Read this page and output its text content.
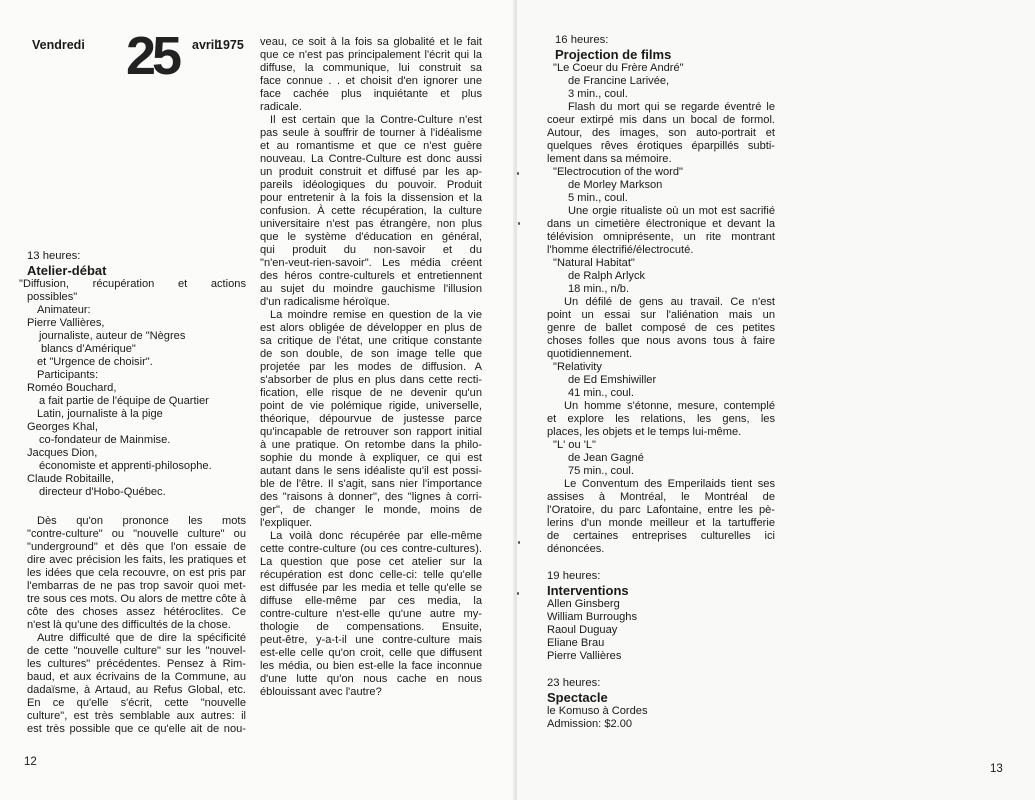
Vendredi 25 avril
1975
13 heures:
Atelier-débat
"Diffusion, récupération et actions
possibles"
Animateur:
Pierre Vallières,
journaliste, auteur de "Nègres
blancs d'Amérique"
et "Urgence de choisir".
Participants:
Roméo Bouchard,
a fait partie de l'équipe de Quartier
Latin, journaliste à la pige
Georges Khal,
co-fondateur de Mainmise.
Jacques Dion,
économiste et apprenti-philosophe.
Claude Robitaille,
directeur d'Hobo-Québec.
Dès qu'on prononce les mots
"contre-culture" ou "nouvelle culture" ou
"underground" et dès que l'on essaie de
dire avec précision les faits, les pratiques et
les idées que cela recouvre, on est pris par
l'embarras de ne pas trop savoir quoi met-
tre sous ces mots. Ou alors de mettre côte à
côte des choses assez hétéroclites. Ce
n'est là qu'une des difficultés de la chose.
Autre difficulté que de dire la spécificité
de cette "nouvelle culture" sur les "nouvel-
les cultures" précédentes. Pensez à Rim-
baud, et aux écrivains de la Commune, au
dadaïsme, à Artaud, au Refus Global, etc.
En ce qu'elle s'écrit, cette "nouvelle
culture", est très semblable aux autres: il
est très possible que ce qu'elle ait de nou-
veau, ce soit à la fois sa globalité et le fait
que ce n'est pas principalement l'écrit qui la
diffuse, la communique, lui construit sa
face connue . . et choisit d'en ignorer une
face cachée plus inquiétante et plus
radicale.
Il est certain que la Contre-Culture n'est
pas seule à souffrir de tourner à l'idéalisme
et au romantisme et que ce n'est guère
nouveau. La Contre-Culture est donc aussi
un produit construit et diffusé par les ap-
pareils idéologiques du pouvoir. Produit
pour entretenir à la fois la dissension et la
confusion. À cette récupération, la culture
universitaire n'est pas étrangère, non plus
que le système d'éducation en général,
qui produit du non-savoir et du
"n'en-veut-rien-savoir". Les média créent
des héros contre-culturels et entretiennent
au sujet du moindre gauchisme l'illusion
d'un radicalisme héroïque.
La moindre remise en question de la vie
est alors obligée de développer en plus de
sa critique de l'état, une critique constante
de son double, de son image telle que
projetée par les modes de diffusion. A
s'absorber de plus en plus dans cette recti-
fication, elle risque de ne devenir qu'un
point de vie polémique rigide, universelle,
théorique, dépourvue de justesse parce
qu'incapable de retrouver son rapport initial
à une pratique. On retombe dans la philo-
sophie du monde à expliquer, ce qui est
autant dans le sens idéaliste qu'il est possi-
ble de l'être. Il s'agit, sans nier l'importance
des "raisons à donner", des "lignes à corri-
ger", de changer le monde, moins de
l'expliquer.
La voilà donc récupérée par elle-même
cette contre-culture (ou ces contre-cultures).
La question que pose cet atelier sur la
récupération est donc celle-ci: telle qu'elle
est diffusée par les media et telle qu'elle se
diffuse elle-même par ces media, la
contre-culture n'est-elle qu'une autre my-
thologie de compensations. Ensuite,
peut-être, y-a-t-il une contre-culture mais
est-elle celle qu'on croit, celle que diffusent
les média, ou bien est-elle la face inconnue
d'une lutte qu'on nous cache en nous
éblouissant avec l'autre?
12
13
16 heures:
Projection de films
"Le Coeur du Frère André"
de Francine Larivée,
3 min., coul.
Flash du mort qui se regarde éventré le
coeur extirpé mis dans un bocal de formol.
Autour, des images, son auto-portrait et
quelques rêves érotiques éparpillés subti-
lement dans sa mémoire.
"Electrocution of the word"
de Morley Markson
5 min., coul.
Une orgie ritualiste où un mot est sacrifié
dans un cimetière électronique et devant la
télévision omniprésente, un rite montrant
l'homme électrifié/électrocuté.
"Natural Habitat"
de Ralph Arlyck
18 min., n/b.
Un défilé de gens au travail. Ce n'est
point un essai sur l'aliénation mais un
genre de ballet composé de ces petites
choses folles que nous avons tous à faire
quotidiennement.
"Relativity
de Ed Emshiwiller
41 min., coul.
Un homme s'étonne, mesure, contemplé
et explore les relations, les gens, les
places, les objets et le temps lui-même.
"L' ou 'L"
de Jean Gagné
75 min., coul.
Le Conventum des Emperilaids tient ses
assises à Montréal, le Montréal de
l'Oratoire, du parc Lafontaine, entre les pè-
lerins d'un monde meilleur et la tartufferie
de certaines entreprises culturelles ici
dénoncées.
19 heures:
Interventions
Allen Ginsberg
William Burroughs
Raoul Duguay
Eliane Brau
Pierre Vallières
23 heures:
Spectacle
le Komuso à Cordes
Admission: $2.00
